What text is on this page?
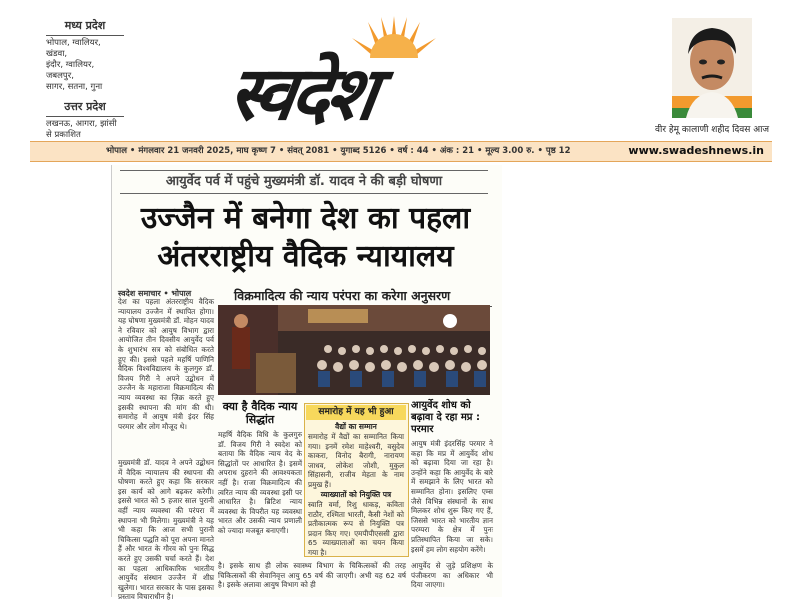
मध्य प्रदेश
भोपाल, ग्वालियर, खंडवा,
इंदौर, ग्वालियर, जबलपुर,
सागर, सतना, गुना
उत्तर प्रदेश
लखनऊ, आगरा, झांसी
से प्रकाशित	स्वदेश	वीर हेमू कालाणी शहीद दिवस आज
भोपाल • मंगलवार 21 जनवरी 2025, माघ कृष्ण 7 • संवत् 2081 • युगाब्द 5126 • वर्ष : 44 • अंक : 21 • मूल्य 3.00 रु. • पृष्ठ 12	www.swadeshnews.in
आयुर्वेद पर्व में पहुंचे मुख्यमंत्री डॉ. यादव ने की बड़ी घोषणा
उज्जैन में बनेगा देश का पहला
अंतरराष्ट्रीय वैदिक न्यायालय
स्वदेश समाचार • भोपाल	विक्रमादित्य की न्याय परंपरा का करेगा अनुसरण
देश का पहला अंतरराष्ट्रीय वैदिक न्यायालय उज्जैन में स्थापित होगा। यह घोषणा मुख्यमंत्री डॉ. मोहन यादव ने रविवार को आयुष विभाग द्वारा आयोजित तीन दिवसीय आयुर्वेद पर्व के शुभारंभ सत्र को संबोधित करते हुए की। इससे पहले महर्षि पाणिनि वैदिक विश्वविद्यालय के कुलगुरु डॉ. विजय गिरी ने अपने उद्बोधन में उज्जैन के महाराजा विक्रमादित्य की न्याय व्यवस्था का ज़िक्र करते हुए इसकी स्थापना की मांग की थी। समारोह में आयुष मंत्री इंदर सिंह परमार और लोग मौजूद थे।
मुख्यमंत्री डॉ. यादव ने अपने उद्बोधन में वैदिक न्यायालय की स्थापना की घोषणा करते हुए कहा कि सरकार इस कार्य को आगे बढ़कर करेगी। इससे भारत को 5 हजार साल पुरानी वहीं न्याय व्यवस्था की परंपरा में स्थापना भी मिलेगा। मुख्यमंत्री ने यह भी कहा कि आज सभी पुरानी चिकित्सा पद्धति को पूरा अपना मानते हैं और भारत के गौरव को पुनः सिद्ध करते हुए उसकी चर्चा करते हैं। देश का पहला आधिकारिक भारतीय आयुर्वेद संस्थान उज्जैन में शीघ्र खुलेगा। भारत सरकार के पास इसका प्रस्ताव विचाराधीन है।
क्या है वैदिक न्याय सिद्धांत
महर्षि वैदिक विधि के कुलगुरु डॉ. विजय गिरी ने स्वदेश को बताया कि वैदिक न्याय वेद के सिद्धांतों पर आधारित है। इसमें अपराध दुहराने की आवश्यकता नहीं है। राजा विक्रमादित्य की त्वरित न्याय की व्यवस्था इसी पर आधारित है। ब्रिटिश न्याय व्यवस्था के विपरीत यह व्यवस्था भारत और उसकी न्याय प्रणाली को ज्यादा मजबूत बनाएगी।
समारोह में यह भी हुआ
वैद्यों का सम्मान
समारोह में वैद्यों का सम्मानित किया गया। इनमें रमेश माहेश्वरी, वसुदेव काकरा, विनोद बैरागी, नारायण जाधव, लोकेश जोशी, मुकुल सिंहासनी, राजीव मेहता के नाम प्रमुख हैं।
व्याख्यातों को नियुक्ति पत्र
स्वाति वर्मा, रिशु धाकड़, कविता राठौर, रश्मिता भारती, कैसी नेशों को प्रतीकात्मक रूप से नियुक्ति पत्र प्रदान किए गए। एमपीपीएससी द्वारा 65 व्याख्याताओं का चयन किया गया है।
आयुर्वेद शोध को बढ़ावा दे रहा मप्र : परमार
आयुष मंत्री इंदरसिंह परमार ने कहा कि मप्र में आयुर्वेद शोध को बढ़ावा दिया जा रहा है। उन्होंने कहा कि आयुर्वेद के बारे में समझाने के लिए भारत को सम्मानित होना। इसलिए एम्स जैसे विभिन्न संस्थानों के साथ मिलकर शोध शुरू किए गए हैं, जिससे भारत को भारतीय ज्ञान परम्परा के क्षेत्र में पुनः प्रतिस्थापित किया जा सके। इसमें हम लोग सहयोग करेंगे।
है। इसके साथ ही लोक स्वास्थ्य विभाग के चिकित्सकों की तरह चिकित्सकों की सेवानिवृत्त आयु 65 वर्ष की जाएगी। अभी यह 62 वर्ष है। इसके अलावा आयुष विभाग को ही
आयुर्वेद से जुड़े प्रशिक्षण के पंजीकरण का अधिकार भी दिया जाएगा।
